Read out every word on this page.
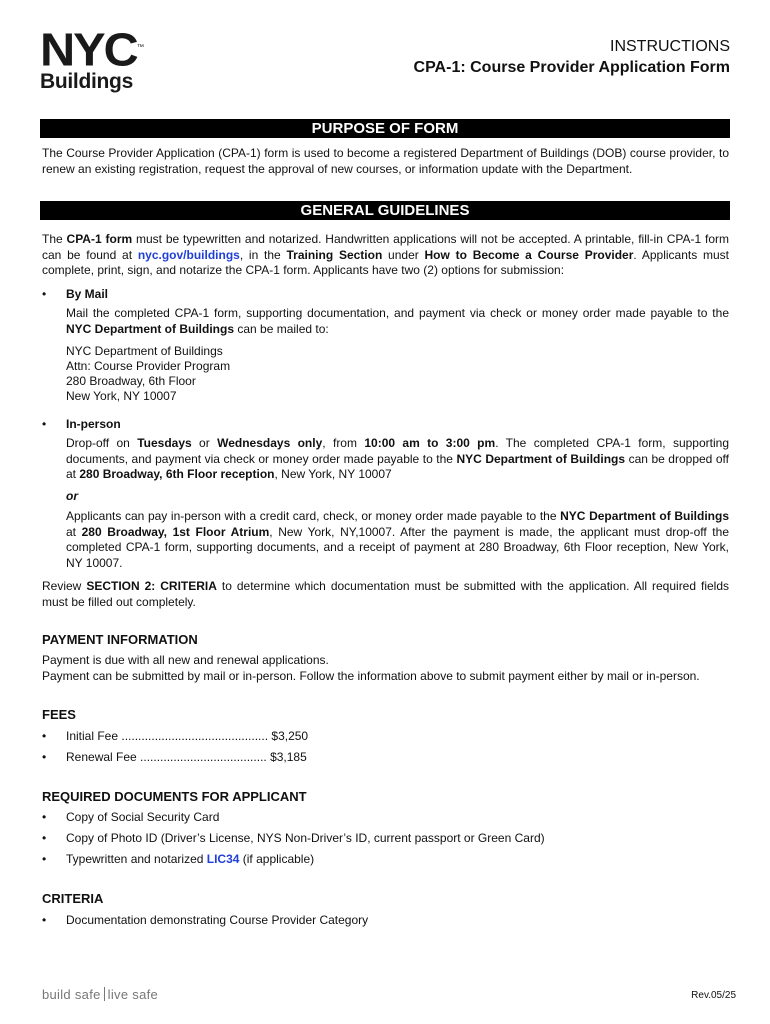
NYC™
Buildings
INSTRUCTIONS
CPA-1: Course Provider Application Form
PURPOSE OF FORM
The Course Provider Application (CPA-1) form is used to become a registered Department of Buildings (DOB) course provider, to renew an existing registration, request the approval of new courses, or information update with the Department.
GENERAL GUIDELINES
The CPA-1 form must be typewritten and notarized. Handwritten applications will not be accepted. A printable, fill-in CPA-1 form can be found at nyc.gov/buildings, in the Training Section under How to Become a Course Provider. Applicants must complete, print, sign, and notarize the CPA-1 form. Applicants have two (2) options for submission:
• By Mail
Mail the completed CPA-1 form, supporting documentation, and payment via check or money order made payable to the NYC Department of Buildings can be mailed to:
NYC Department of Buildings
Attn: Course Provider Program
280 Broadway, 6th Floor
New York, NY 10007
• In-person
Drop-off on Tuesdays or Wednesdays only, from 10:00 am to 3:00 pm. The completed CPA-1 form, supporting documents, and payment via check or money order made payable to the NYC Department of Buildings can be dropped off at 280 Broadway, 6th Floor reception, New York, NY 10007
or
Applicants can pay in-person with a credit card, check, or money order made payable to the NYC Department of Buildings at 280 Broadway, 1st Floor Atrium, New York, NY,10007. After the payment is made, the applicant must drop-off the completed CPA-1 form, supporting documents, and a receipt of payment at 280 Broadway, 6th Floor reception, New York, NY 10007.
Review SECTION 2: CRITERIA to determine which documentation must be submitted with the application. All required fields must be filled out completely.
PAYMENT INFORMATION
Payment is due with all new and renewal applications.
Payment can be submitted by mail or in-person. Follow the information above to submit payment either by mail or in-person.
FEES
• Initial Fee ............................................ $3,250
• Renewal Fee ...................................... $3,185
REQUIRED DOCUMENTS FOR APPLICANT
• Copy of Social Security Card
• Copy of Photo ID (Driver’s License, NYS Non-Driver’s ID, current passport or Green Card)
• Typewritten and notarized LIC34 (if applicable)
CRITERIA
• Documentation demonstrating Course Provider Category
build safe live safe	Rev.05/25
